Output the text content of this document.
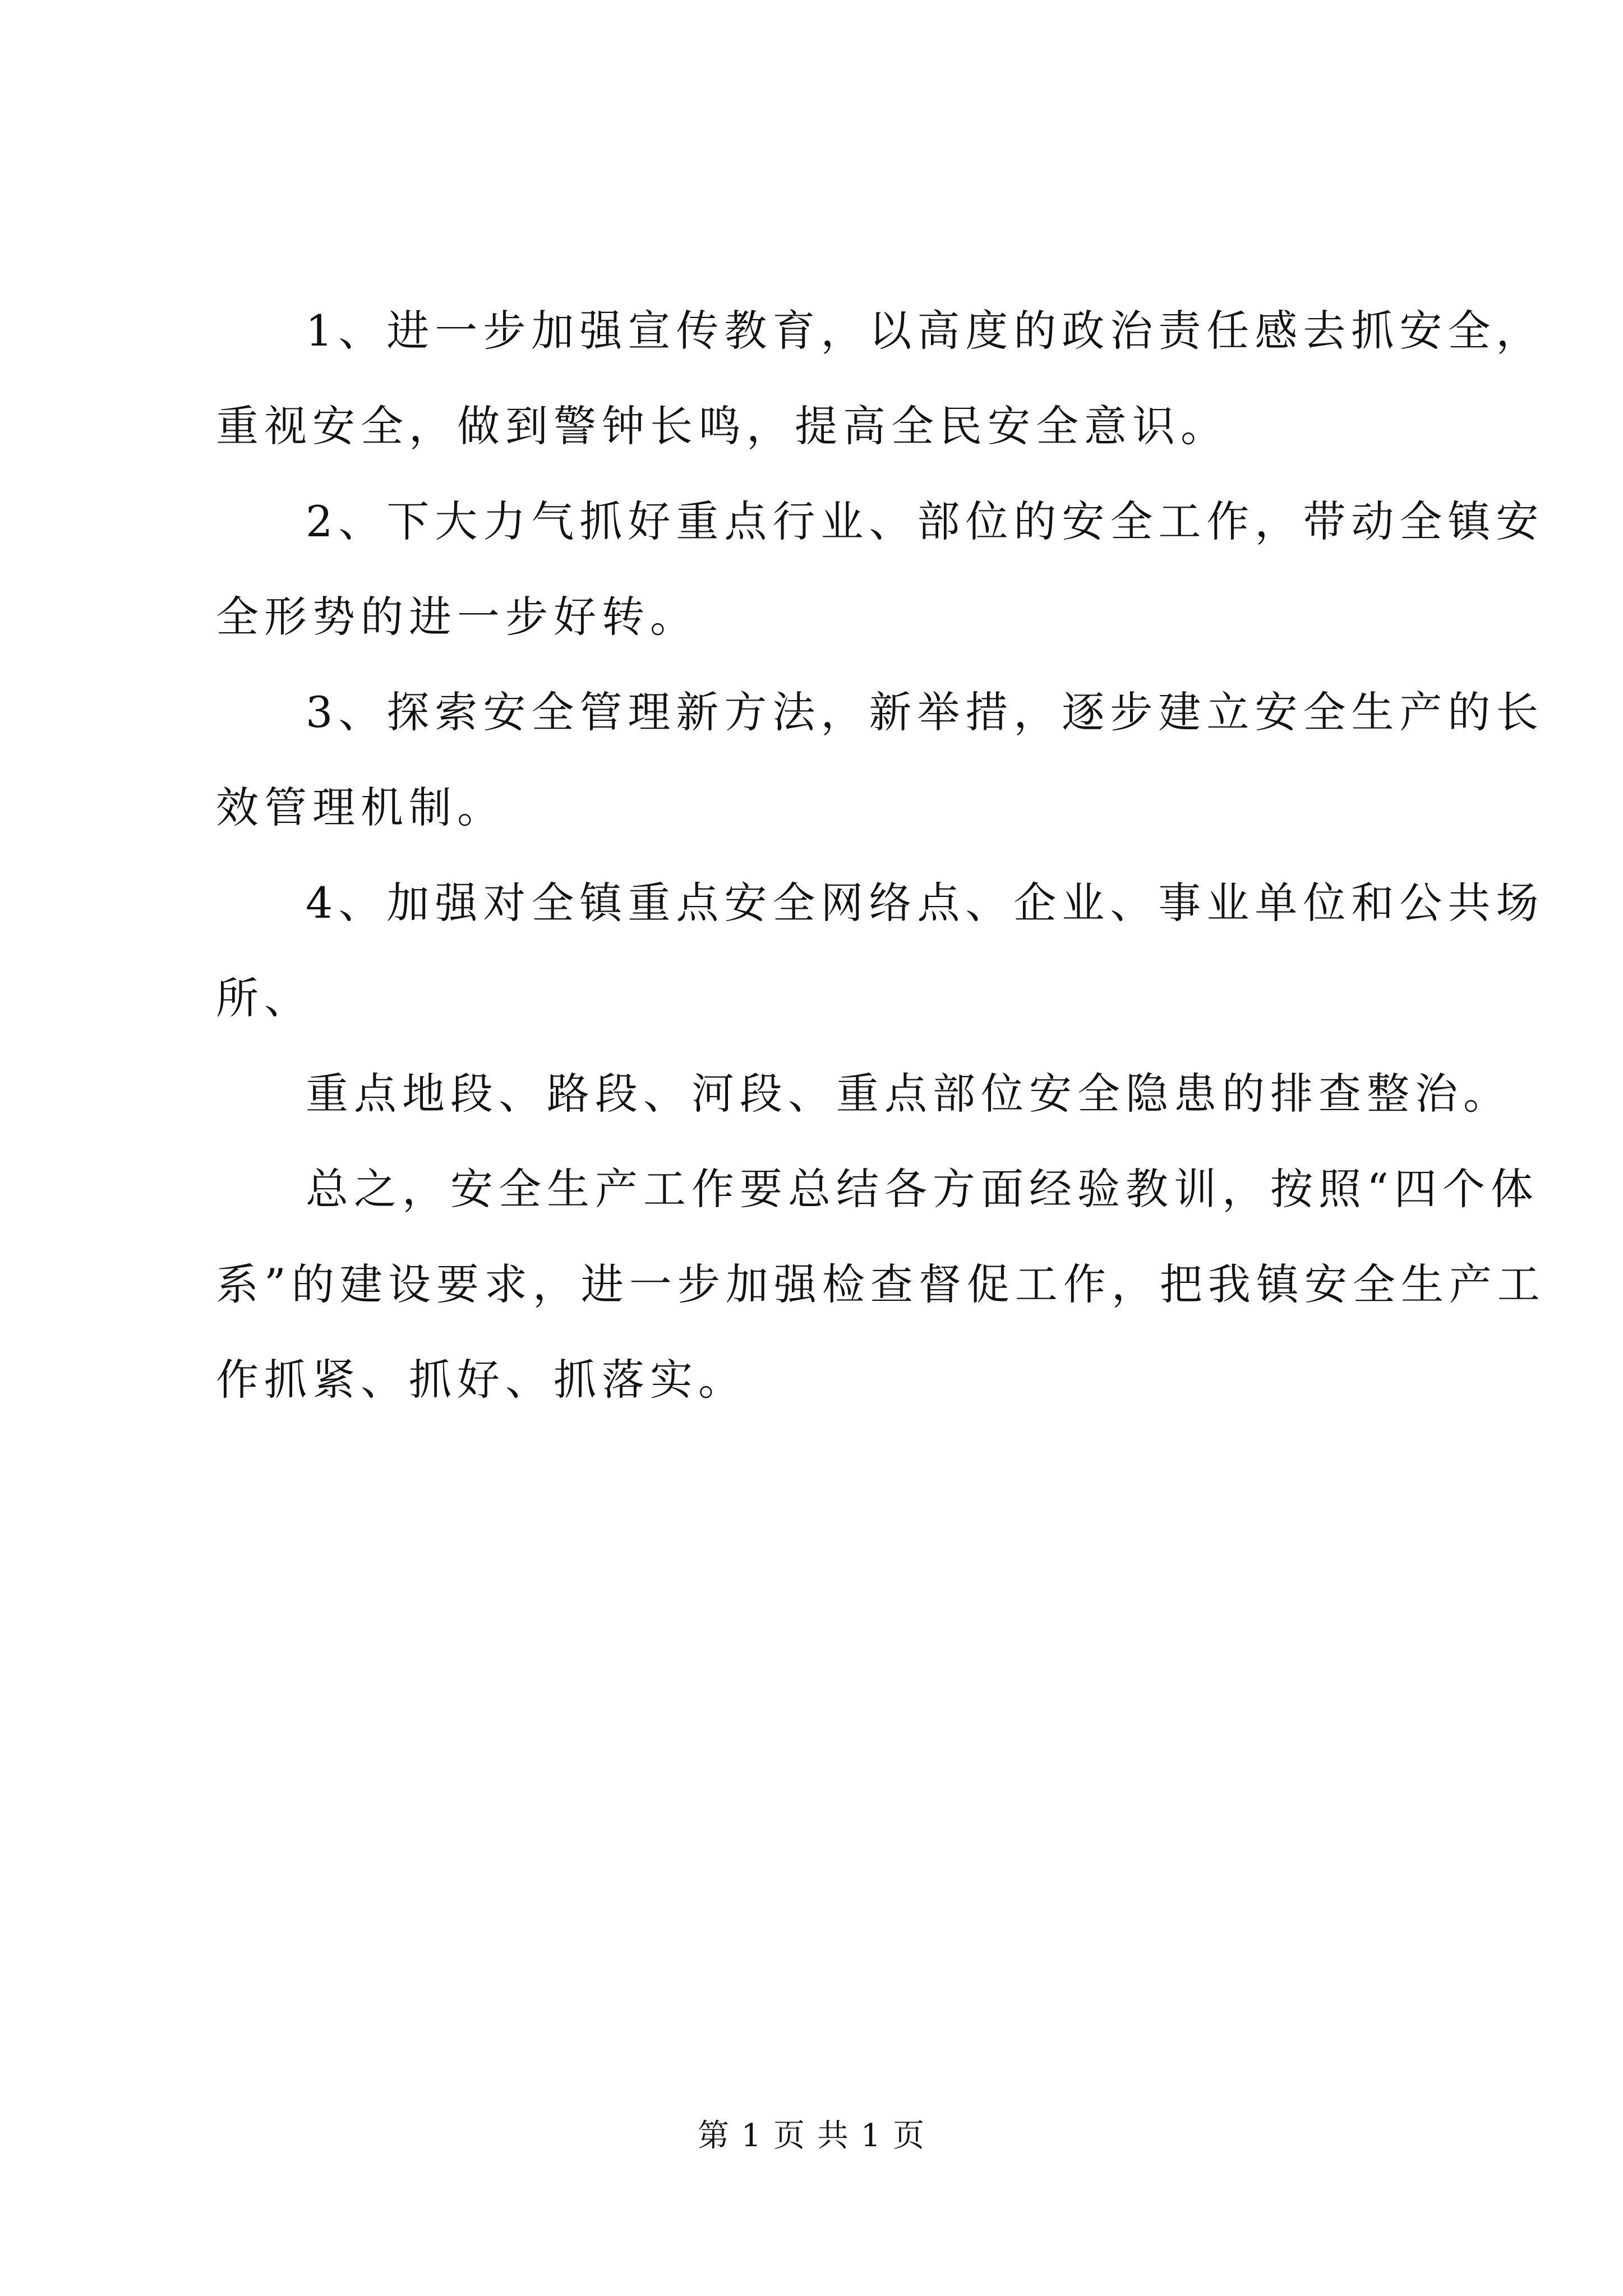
1、进一步加强宣传教育，以高度的政治责任感去抓安全，
重视安全，做到警钟长鸣，提高全民安全意识。
2、下大力气抓好重点行业、部位的安全工作，带动全镇安
全形势的进一步好转。
3、探索安全管理新方法，新举措，逐步建立安全生产的长
效管理机制。
4、加强对全镇重点安全网络点、企业、事业单位和公共场
所、
重点地段、路段、河段、重点部位安全隐患的排查整治。
总之，安全生产工作要总结各方面经验教训，按照“四个体
系”的建设要求，进一步加强检查督促工作，把我镇安全生产工
作抓紧、抓好、抓落实。
第 1 页 共 1 页
